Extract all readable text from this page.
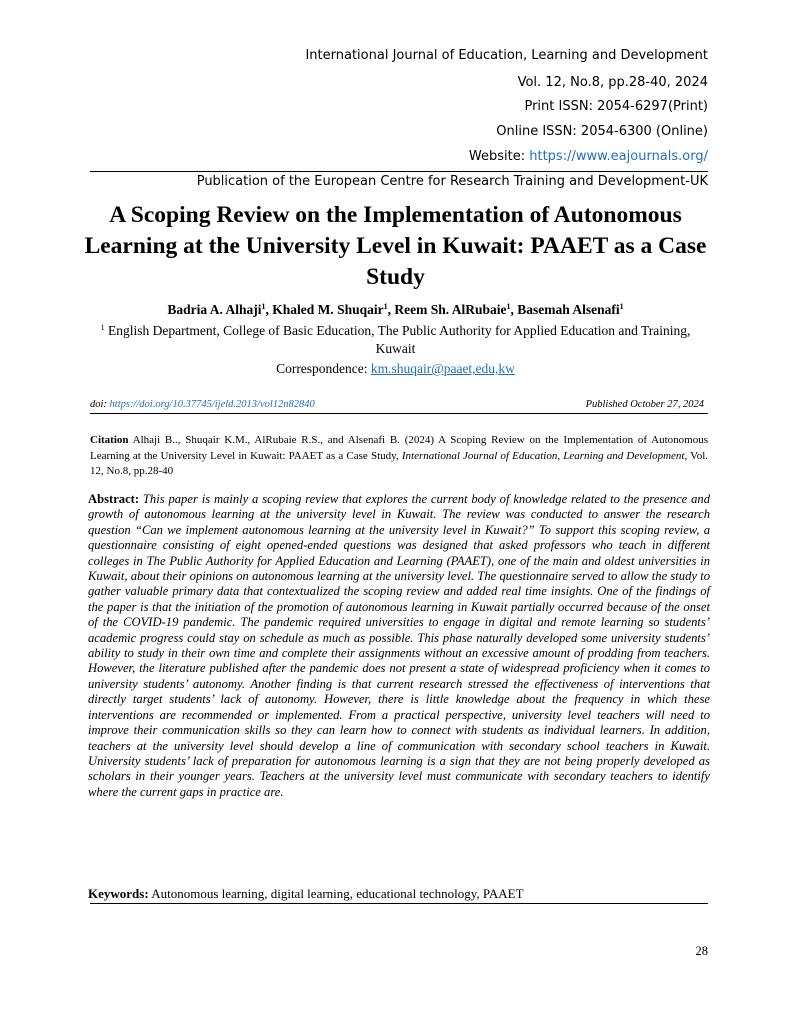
International Journal of Education, Learning and Development
Vol. 12, No.8, pp.28-40, 2024
Print ISSN: 2054-6297(Print)
Online ISSN: 2054-6300 (Online)
Website: https://www.eajournals.org/
Publication of the European Centre for Research Training and Development-UK
A Scoping Review on the Implementation of Autonomous Learning at the University Level in Kuwait: PAAET as a Case Study
Badria A. Alhaji$^1$, Khaled M. Shuqair$^1$, Reem Sh. AlRubaie$^1$, Basemah Alsenafi$^1$
$^1$ English Department, College of Basic Education, The Public Authority for Applied Education and Training, Kuwait
Correspondence: km.shuqair@paaet,edu,kw
doi: https://doi.org/10.37745/ijeld.2013/vol12n82840	Published October 27, 2024
Citation Alhaji B.., Shuqair K.M., AlRubaie R.S., and Alsenafi B. (2024) A Scoping Review on the Implementation of Autonomous Learning at the University Level in Kuwait: PAAET as a Case Study, International Journal of Education, Learning and Development, Vol. 12, No.8, pp.28-40
Abstract: This paper is mainly a scoping review that explores the current body of knowledge related to the presence and growth of autonomous learning at the university level in Kuwait. The review was conducted to answer the research question “Can we implement autonomous learning at the university level in Kuwait?” To support this scoping review, a questionnaire consisting of eight opened-ended questions was designed that asked professors who teach in different colleges in The Public Authority for Applied Education and Learning (PAAET), one of the main and oldest universities in Kuwait, about their opinions on autonomous learning at the university level. The questionnaire served to allow the study to gather valuable primary data that contextualized the scoping review and added real time insights. One of the findings of the paper is that the initiation of the promotion of autonomous learning in Kuwait partially occurred because of the onset of the COVID-19 pandemic. The pandemic required universities to engage in digital and remote learning so students’ academic progress could stay on schedule as much as possible. This phase naturally developed some university students’ ability to study in their own time and complete their assignments without an excessive amount of prodding from teachers. However, the literature published after the pandemic does not present a state of widespread proficiency when it comes to university students’ autonomy. Another finding is that current research stressed the effectiveness of interventions that directly target students’ lack of autonomy. However, there is little knowledge about the frequency in which these interventions are recommended or implemented. From a practical perspective, university level teachers will need to improve their communication skills so they can learn how to connect with students as individual learners. In addition, teachers at the university level should develop a line of communication with secondary school teachers in Kuwait. University students’ lack of preparation for autonomous learning is a sign that they are not being properly developed as scholars in their younger years. Teachers at the university level must communicate with secondary teachers to identify where the current gaps in practice are.
Keywords: Autonomous learning, digital learning, educational technology, PAAET
28
